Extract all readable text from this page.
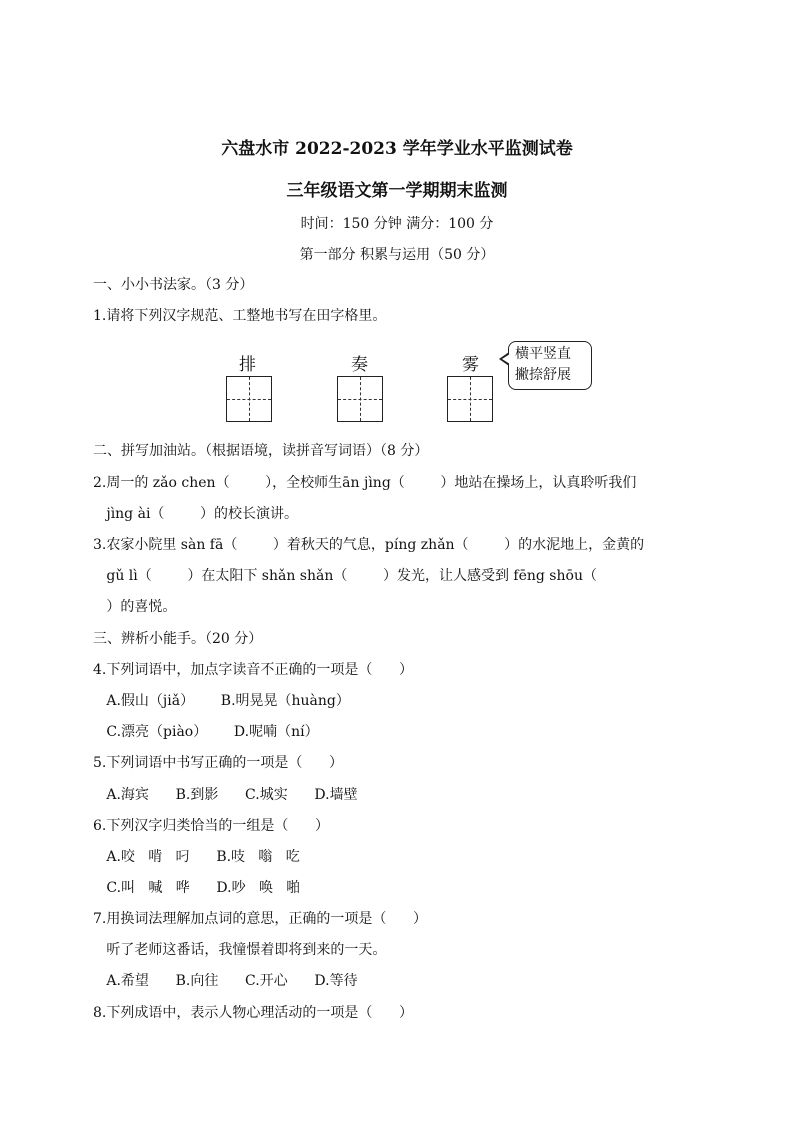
六盘水市 2022-2023 学年学业水平监测试卷
三年级语文第一学期期末监测
时间：150 分钟 满分：100 分
第一部分 积累与运用（50 分）
一、小小书法家。（3 分）
1.请将下列汉字规范、工整地书写在田字格里。
排	奏	雾
横平竖直
撇捺舒展
二、拼写加油站。（根据语境，读拼音写词语）（8 分）
2.周一的 zǎo chen（        ），全校师生ān jìng（        ）地站在操场上，认真聆听我们
jìng ài（        ）的校长演讲。
3.农家小院里 sàn fā（        ）着秋天的气息，píng zhǎn（        ）的水泥地上，金黄的
gǔ lì（        ）在太阳下 shǎn shǎn（        ）发光，让人感受到 fēng shōu（
）的喜悦。
三、辨析小能手。（20 分）
4.下列词语中，加点字读音不正确的一项是（      ）
A.假山（jiǎ）      B.明晃晃（huàng）
C.漂亮（piào）      D.呢喃（ní）
5.下列词语中书写正确的一项是（      ）
A.海宾      B.到影      C.城实      D.墙壁
6.下列汉字归类恰当的一组是（      ）
A.咬   啃   叼      B.吱   嗡   吃
C.叫   喊   哗      D.吵   唤   啪
7.用换词法理解加点词的意思，正确的一项是（      ）
听了老师这番话，我憧憬着即将到来的一天。
A.希望      B.向往      C.开心      D.等待
8.下列成语中，表示人物心理活动的一项是（      ）
